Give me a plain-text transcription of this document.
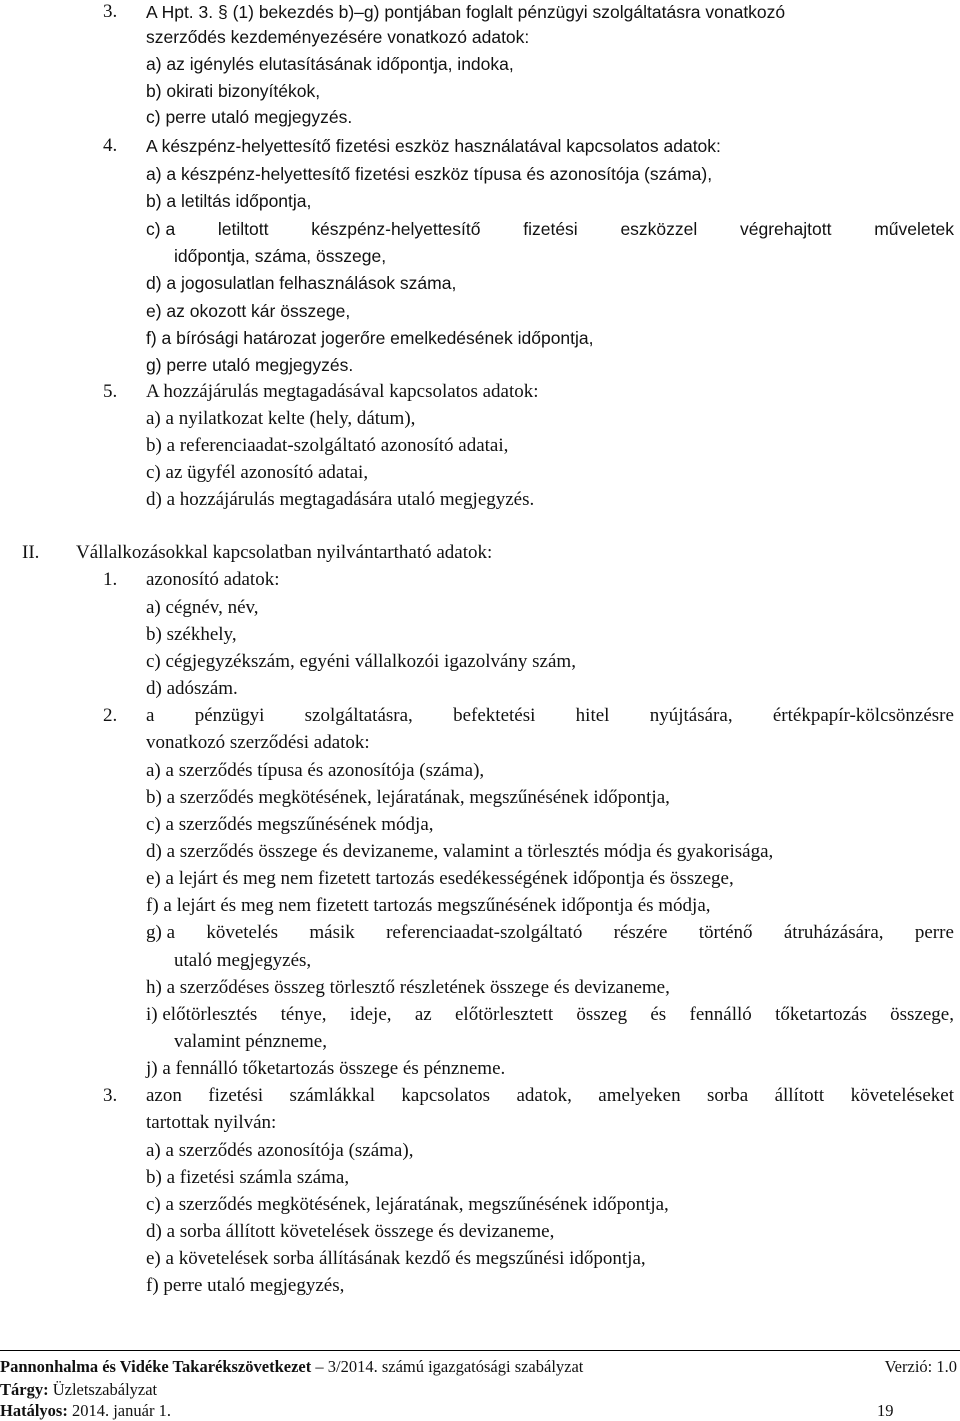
3. A Hpt. 3. § (1) bekezdés b)–g) pontjában foglalt pénzügyi szolgáltatásra vonatkozó
szerződés kezdeményezésére vonatkozó adatok:
a) az igénylés elutasításának időpontja, indoka,
b) okirati bizonyítékok,
c) perre utaló megjegyzés.
4. A készpénz-helyettesítő fizetési eszköz használatával kapcsolatos adatok:
a) a készpénz-helyettesítő fizetési eszköz típusa és azonosítója (száma),
b) a letiltás időpontja,
c) a letiltott készpénz-helyettesítő fizetési eszközzel végrehajtott műveletek
időpontja, száma, összege,
d) a jogosulatlan felhasználások száma,
e) az okozott kár összege,
f) a bírósági határozat jogerőre emelkedésének időpontja,
g) perre utaló megjegyzés.
5. A hozzájárulás megtagadásával kapcsolatos adatok:
a) a nyilatkozat kelte (hely, dátum),
b) a referenciaadat-szolgáltató azonosító adatai,
c) az ügyfél azonosító adatai,
d) a hozzájárulás megtagadására utaló megjegyzés.
II. Vállalkozásokkal kapcsolatban nyilvántartható adatok:
1. azonosító adatok:
a) cégnév, név,
b) székhely,
c) cégjegyzékszám, egyéni vállalkozói igazolvány szám,
d) adószám.
2. a pénzügyi szolgáltatásra, befektetési hitel nyújtására, értékpapír-kölcsönzésre
vonatkozó szerződési adatok:
a) a szerződés típusa és azonosítója (száma),
b) a szerződés megkötésének, lejáratának, megszűnésének időpontja,
c) a szerződés megszűnésének módja,
d) a szerződés összege és devizaneme, valamint a törlesztés módja és gyakorisága,
e) a lejárt és meg nem fizetett tartozás esedékességének időpontja és összege,
f) a lejárt és meg nem fizetett tartozás megszűnésének időpontja és módja,
g) a követelés másik referenciaadat-szolgáltató részére történő átruházására, perre
utaló megjegyzés,
h) a szerződéses összeg törlesztő részletének összege és devizaneme,
i) előtörlesztés ténye, ideje, az előtörlesztett összeg és fennálló tőketartozás összege,
valamint pénzneme,
j) a fennálló tőketartozás összege és pénzneme.
3. azon fizetési számlákkal kapcsolatos adatok, amelyeken sorba állított követeléseket
tartottak nyilván:
a) a szerződés azonosítója (száma),
b) a fizetési számla száma,
c) a szerződés megkötésének, lejáratának, megszűnésének időpontja,
d) a sorba állított követelések összege és devizaneme,
e) a követelések sorba állításának kezdő és megszűnési időpontja,
f) perre utaló megjegyzés,
Pannonhalma és Vidéke Takarékszövetkezet – 3/2014. számú igazgatósági szabályzat	Verzió: 1.0
Tárgy: Üzletszabályzat
Hatályos: 2014. január 1.	19
